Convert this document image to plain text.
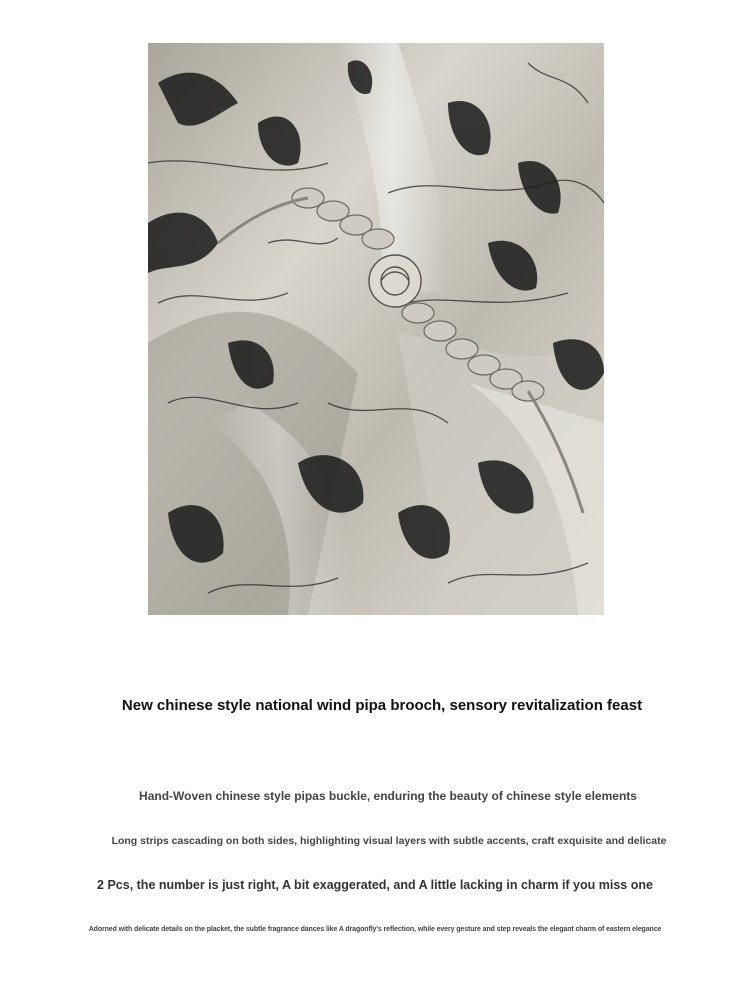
New chinese style national wind pipa brooch, sensory revitalization feast
Hand-Woven chinese style pipas buckle, enduring the beauty of chinese style elements
Long strips cascading on both sides, highlighting visual layers with subtle accents, craft exquisite and delicate
2 Pcs, the number is just right, A bit exaggerated, and A little lacking in charm if you miss one
Adorned with delicate details on the placket, the subtle fragrance dances like A dragonfly's reflection, while every gesture and step reveals the elegant charm of eastern elegance
